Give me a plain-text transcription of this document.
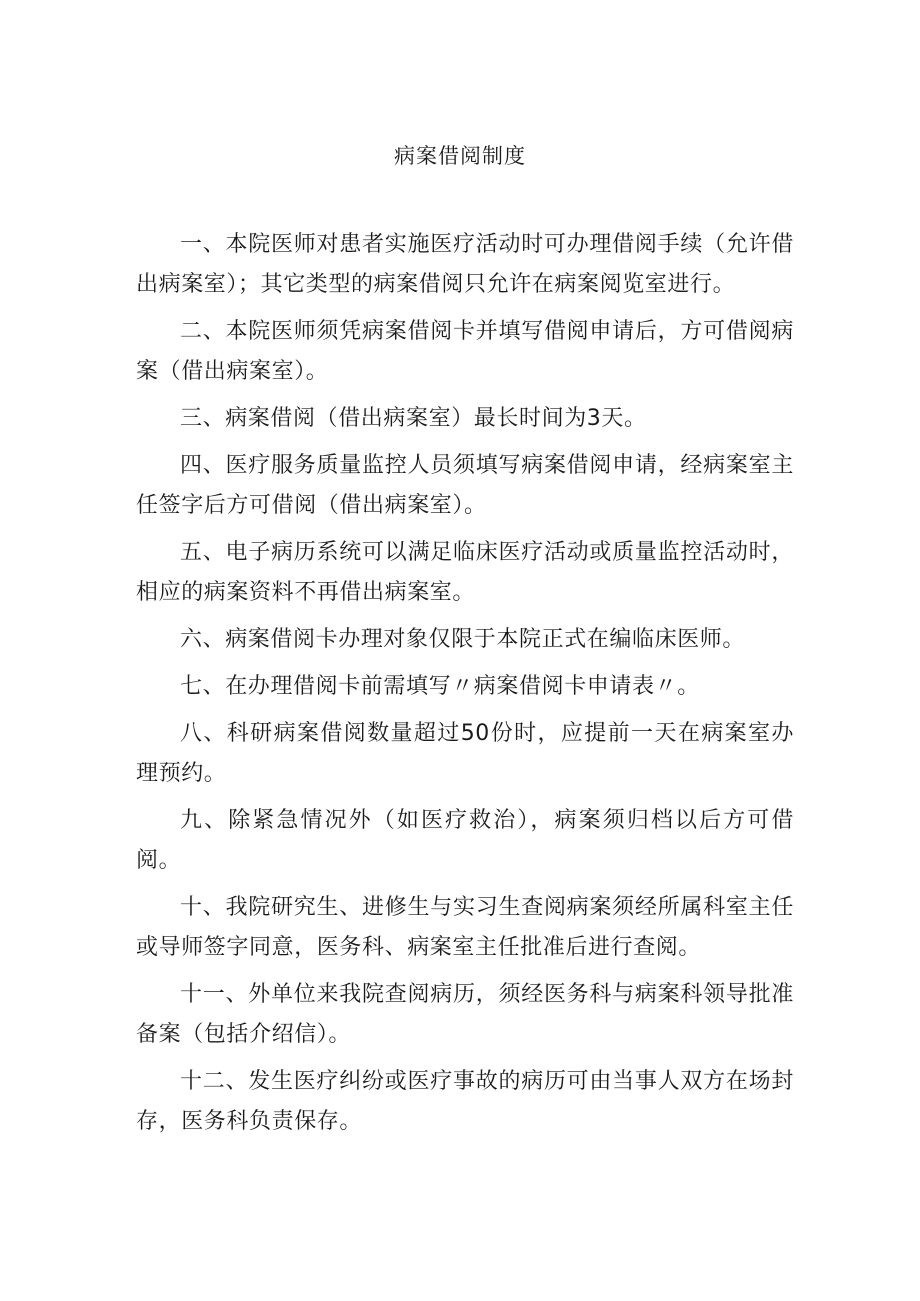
病案借阅制度

一、本院医师对患者实施医疗活动时可办理借阅手续（允许借出病案室）；其它类型的病案借阅只允许在病案阅览室进行。

二、本院医师须凭病案借阅卡并填写借阅申请后，方可借阅病案（借出病案室）。

三、病案借阅（借出病案室）最长时间为3天。

四、医疗服务质量监控人员须填写病案借阅申请，经病案室主任签字后方可借阅（借出病案室）。

五、电子病历系统可以满足临床医疗活动或质量监控活动时，相应的病案资料不再借出病案室。

六、病案借阅卡办理对象仅限于本院正式在编临床医师。

七、在办理借阅卡前需填写〃病案借阅卡申请表〃。

八、科研病案借阅数量超过50份时，应提前一天在病案室办理预约。

九、除紧急情况外（如医疗救治），病案须归档以后方可借阅。

十、我院研究生、进修生与实习生查阅病案须经所属科室主任或导师签字同意，医务科、病案室主任批准后进行查阅。

十一、外单位来我院查阅病历，须经医务科与病案科领导批准备案（包括介绍信）。

十二、发生医疗纠纷或医疗事故的病历可由当事人双方在场封存，医务科负责保存。
